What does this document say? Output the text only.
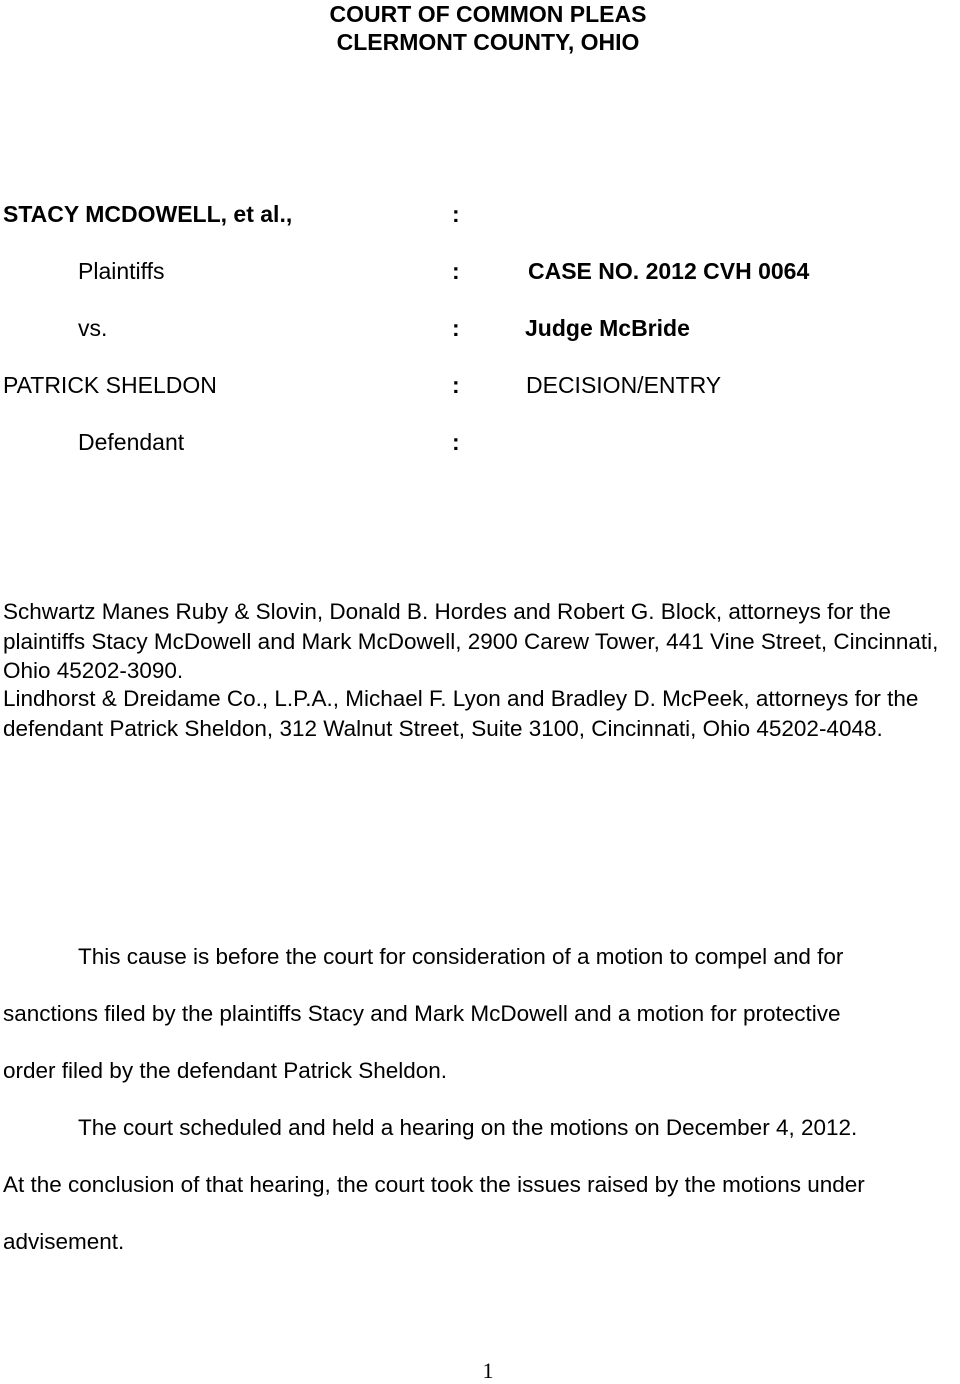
COURT OF COMMON PLEAS
CLERMONT COUNTY, OHIO
STACY MCDOWELL, et al.,	:
Plaintiffs	:	CASE NO. 2012 CVH 0064
vs.	:	Judge McBride
PATRICK SHELDON	:	DECISION/ENTRY
Defendant	:
Schwartz Manes Ruby & Slovin, Donald B. Hordes and Robert G. Block, attorneys for the plaintiffs Stacy McDowell and Mark McDowell, 2900 Carew Tower, 441 Vine Street, Cincinnati, Ohio 45202-3090.
Lindhorst & Dreidame Co., L.P.A., Michael F. Lyon and Bradley D. McPeek, attorneys for the defendant Patrick Sheldon, 312 Walnut Street, Suite 3100, Cincinnati, Ohio 45202-4048.
This cause is before the court for consideration of a motion to compel and for
sanctions filed by the plaintiffs Stacy and Mark McDowell and a motion for protective
order filed by the defendant Patrick Sheldon.
The court scheduled and held a hearing on the motions on December 4, 2012.
At the conclusion of that hearing, the court took the issues raised by the motions under
advisement.
1
